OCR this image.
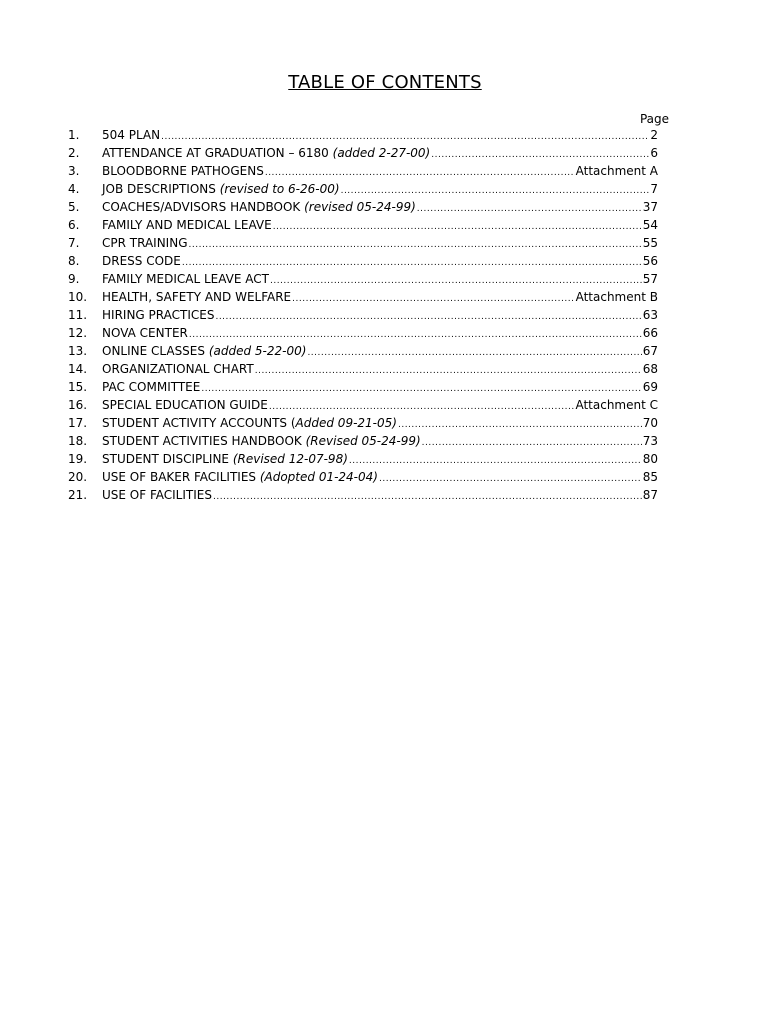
TABLE OF CONTENTS
Page
1.	504 PLAN .....	2
2.	ATTENDANCE AT GRADUATION – 6180 (added 2-27-00) .....	6
3.	BLOODBORNE PATHOGENS .....	Attachment A
4.	JOB DESCRIPTIONS (revised to 6-26-00) .....	7
5.	COACHES/ADVISORS HANDBOOK (revised 05-24-99) .....	37
6.	FAMILY AND MEDICAL LEAVE .....	54
7.	CPR TRAINING .....	55
8.	DRESS CODE .....	56
9.	FAMILY MEDICAL LEAVE ACT .....	57
10.	HEALTH, SAFETY AND WELFARE .....	Attachment B
11.	HIRING PRACTICES .....	63
12.	NOVA CENTER .....	66
13.	ONLINE CLASSES (added 5-22-00) .....	67
14.	ORGANIZATIONAL CHART .....	68
15.	PAC COMMITTEE .....	69
16.	SPECIAL EDUCATION GUIDE .....	Attachment C
17.	STUDENT ACTIVITY ACCOUNTS (Added 09-21-05) .....	70
18.	STUDENT ACTIVITIES HANDBOOK (Revised 05-24-99) .....	73
19.	STUDENT DISCIPLINE (Revised 12-07-98) .....	80
20.	USE OF BAKER FACILITIES (Adopted 01-24-04) .....	85
21.	USE OF FACILITIES .....	87
